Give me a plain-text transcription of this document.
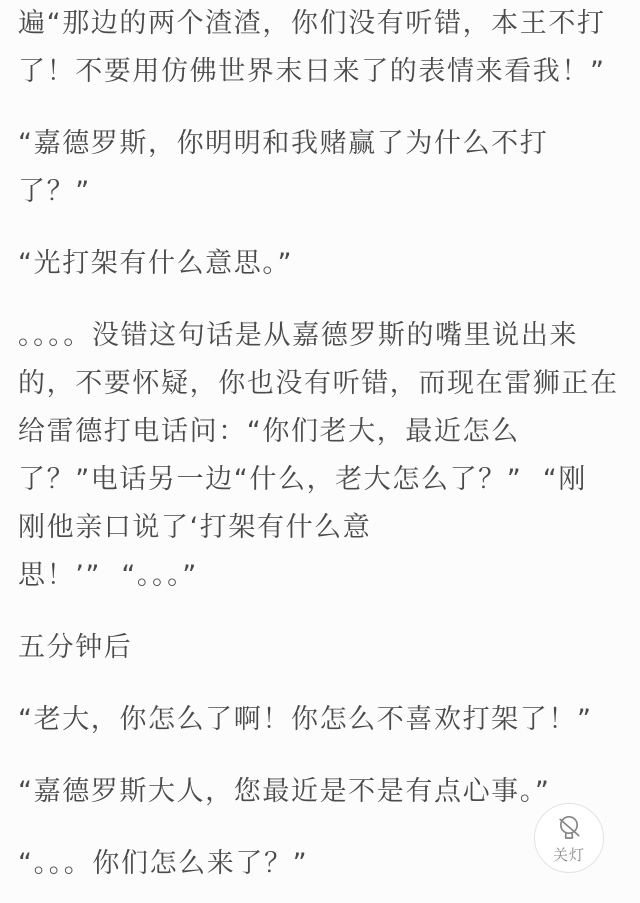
遍“那边的两个渣渣，你们没有听错，本王不打
了！不要用仿佛世界末日来了的表情来看我！”
“嘉德罗斯，你明明和我赌赢了为什么不打
了？”
“光打架有什么意思。”
。。。。没错这句话是从嘉德罗斯的嘴里说出来
的，不要怀疑，你也没有听错，而现在雷狮正在
给雷德打电话问：“你们老大，最近怎么
了？”电话另一边“什么，老大怎么了？”  “刚
刚他亲口说了‘打架有什么意
思！’”  “。。。”
五分钟后
“老大，你怎么了啊！你怎么不喜欢打架了！”
“嘉德罗斯大人，您最近是不是有点心事。”
“。。。你们怎么来了？”	关灯
